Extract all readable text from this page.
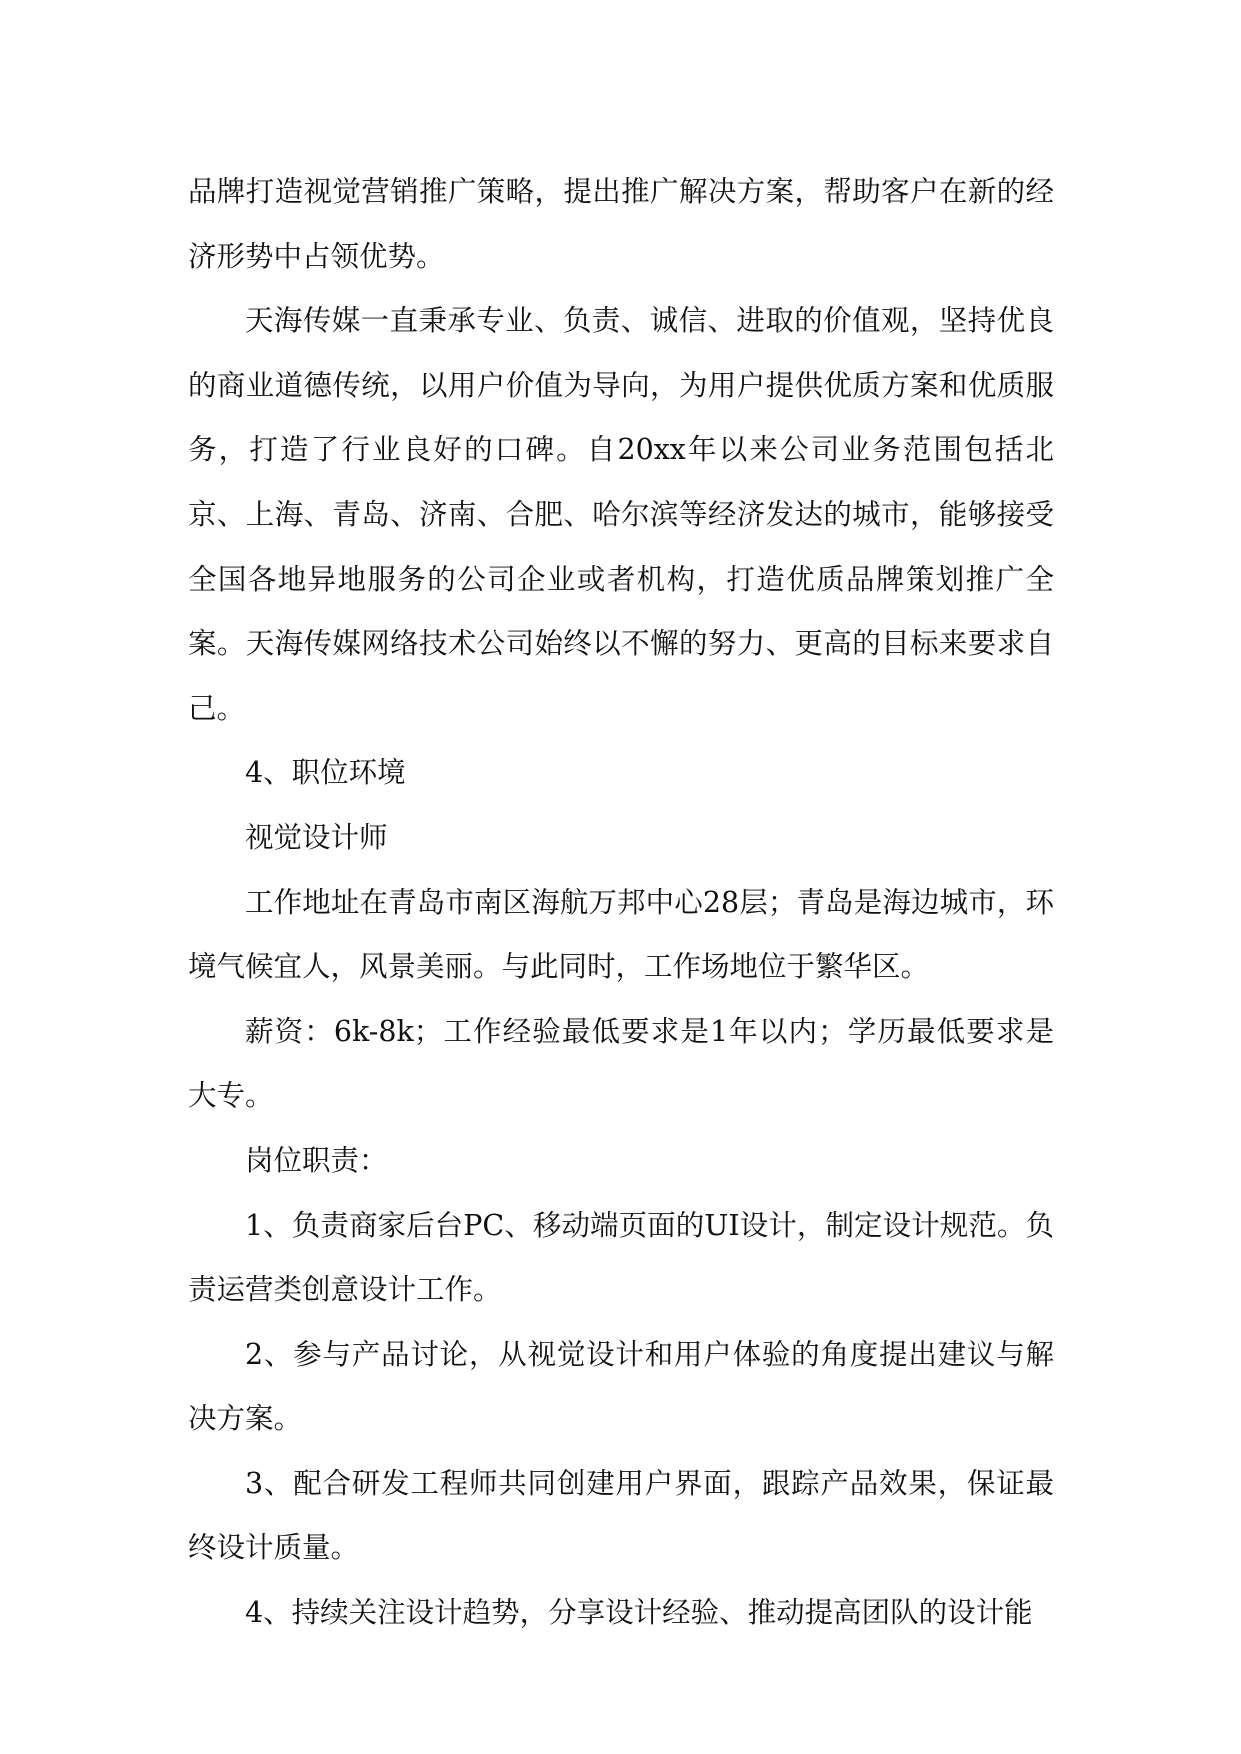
品牌打造视觉营销推广策略，提出推广解决方案，帮助客户在新的经济形势中占领优势。

天海传媒一直秉承专业、负责、诚信、进取的价值观，坚持优良的商业道德传统，以用户价值为导向，为用户提供优质方案和优质服务，打造了行业良好的口碑。自20xx年以来公司业务范围包括北京、上海、青岛、济南、合肥、哈尔滨等经济发达的城市，能够接受全国各地异地服务的公司企业或者机构，打造优质品牌策划推广全案。天海传媒网络技术公司始终以不懈的努力、更高的目标来要求自己。

4、职位环境

视觉设计师

工作地址在青岛市南区海航万邦中心28层；青岛是海边城市，环境气候宜人，风景美丽。与此同时，工作场地位于繁华区。

薪资：6k-8k；工作经验最低要求是1年以内；学历最低要求是大专。

岗位职责：

1、负责商家后台PC、移动端页面的UI设计，制定设计规范。负责运营类创意设计工作。

2、参与产品讨论，从视觉设计和用户体验的角度提出建议与解决方案。

3、配合研发工程师共同创建用户界面，跟踪产品效果，保证最终设计质量。

4、持续关注设计趋势，分享设计经验、推动提高团队的设计能
